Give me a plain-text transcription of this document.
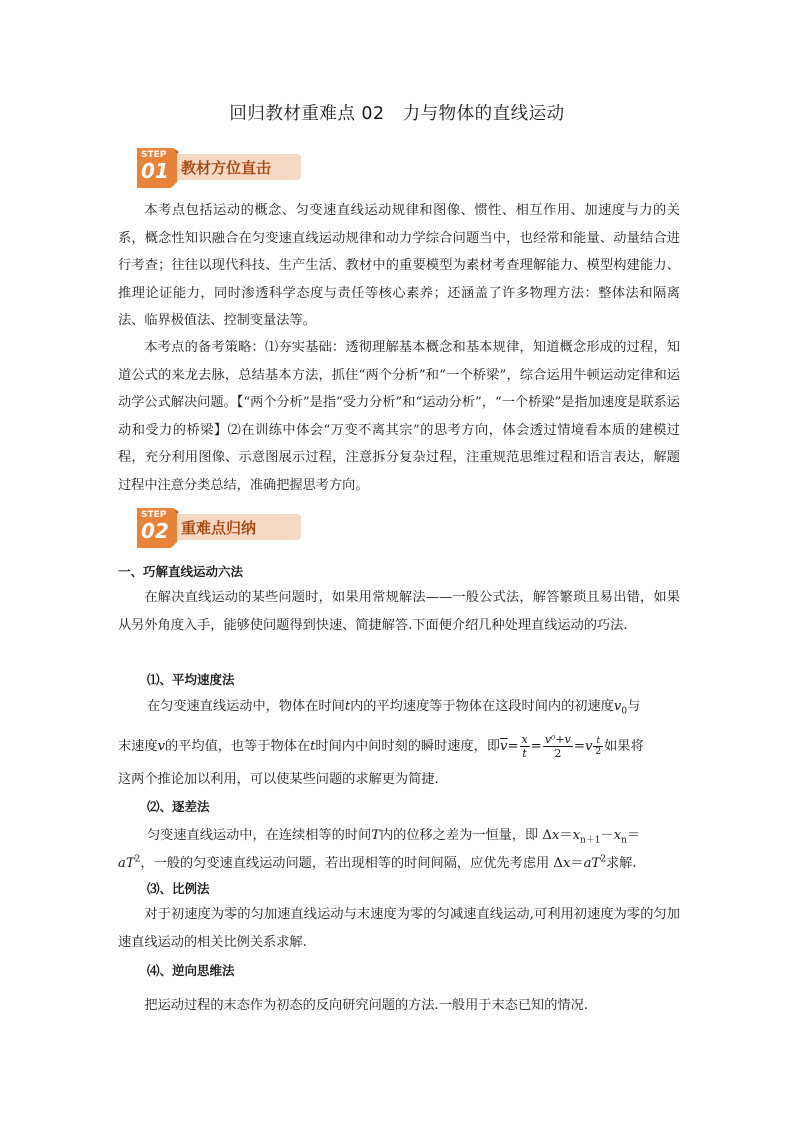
回归教材重难点 02　力与物体的直线运动
教材方位直击
STEP
01

本考点包括运动的概念、匀变速直线运动规律和图像、惯性、相互作用、加速度与力的关系，概念性知识融合在匀变速直线运动规律和动力学综合问题当中，也经常和能量、动量结合进行考查；往往以现代科技、生产生活、教材中的重要模型为素材考查理解能力、模型构建能力、推理论证能力，同时渗透科学态度与责任等核心素养；还涵盖了许多物理方法：整体法和隔离法、临界极值法、控制变量法等。

本考点的备考策略：⑴夯实基础：透彻理解基本概念和基本规律，知道概念形成的过程，知道公式的来龙去脉，总结基本方法，抓住“两个分析”和“一个桥梁”，综合运用牛顿运动定律和运动学公式解决问题。【“两个分析”是指“受力分析”和“运动分析”，“一个桥梁”是指加速度是联系运动和受力的桥梁】⑵在训练中体会“万变不离其宗”的思考方向，体会透过情境看本质的建模过程，充分利用图像、示意图展示过程，注意拆分复杂过程，注重规范思维过程和语言表达，解题过程中注意分类总结，准确把握思考方向。

重难点归纳
STEP
02
一、巧解直线运动六法

在解决直线运动的某些问题时，如果用常规解法——一般公式法，解答繁琐且易出错，如果从另外角度入手，能够使问题得到快速、简捷解答.下面便介绍几种处理直线运动的巧法.

⑴、平均速度法
在匀变速直线运动中，物体在时间t内的平均速度等于物体在这段时间内的初速度$v_0$与
末速度v的平均值，也等于物体在t时间内中间时刻的瞬时速度，即$\overline{v}= \frac{x}{t} = \frac{\text{v⁰+v}}{2} =v \frac{t}{2}$ 如果将
这两个推论加以利用，可以使某些问题的求解更为简捷.
⑵、逐差法
匀变速直线运动中，在连续相等的时间T内的位移之差为一恒量，即 $\Delta x=x_{n+1}-x_n=$
$aT^2$，一般的匀变速直线运动问题，若出现相等的时间间隔，应优先考虑用 $\Delta x=aT^2$求解.
⑶、比例法

对于初速度为零的匀加速直线运动与末速度为零的匀减速直线运动,可利用初速度为零的匀加速直线运动的相关比例关系求解.

⑷、逆向思维法

把运动过程的末态作为初态的反向研究问题的方法.一般用于末态已知的情况.
